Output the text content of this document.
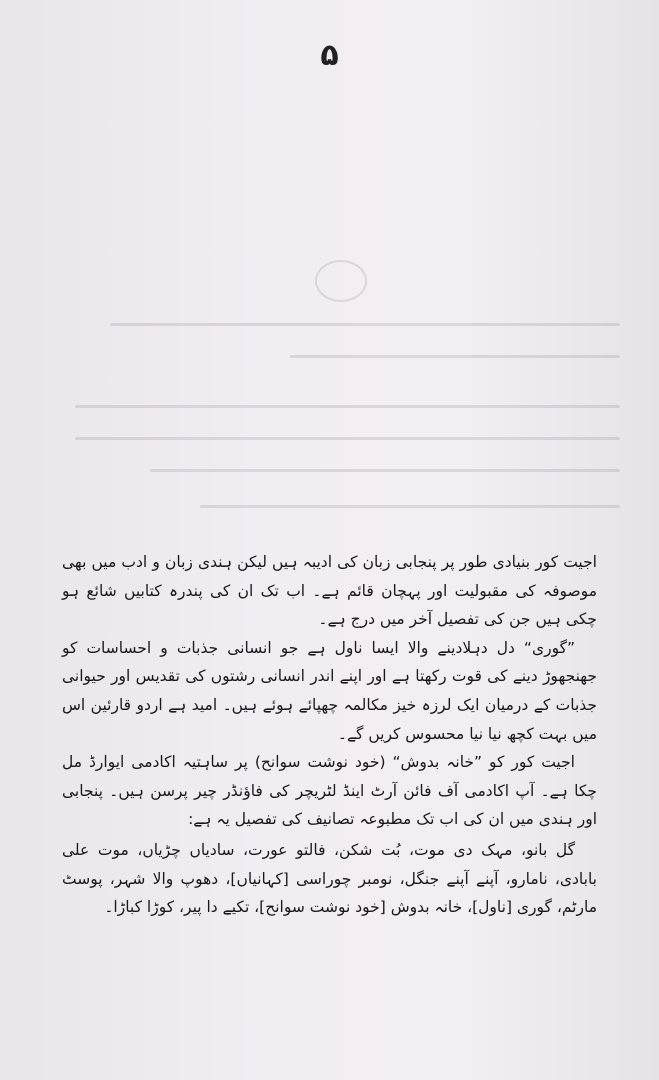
۵

اجیت کور بنیادی طور پر پنجابی زبان کی ادیبہ ہیں لیکن ہندی زبان و ادب میں بھی موصوفہ کی مقبولیت اور پہچان قائم ہے۔ اب تک ان کی پندرہ کتابیں شائع ہو چکی ہیں جن کی تفصیل آخر میں درج ہے۔

”گوری“ دل دہلادینے والا ایسا ناول ہے جو انسانی جذبات و احساسات کو جھنجھوڑ دینے کی قوت رکھتا ہے اور اپنے اندر انسانی رشتوں کی تقدیس اور حیوانی جذبات کے درمیان ایک لرزہ خیز مکالمہ چھپائے ہوئے ہیں۔ امید ہے اردو قارئین اس میں بہت کچھ نیا نیا محسوس کریں گے۔

اجیت کور کو ”خانہ بدوش“ (خود نوشت سوانح) پر ساہتیہ اکادمی ایوارڈ مل چکا ہے۔ آپ اکادمی آف فائن آرٹ اینڈ لٹریچر کی فاؤنڈر چیر پرسن ہیں۔ پنجابی اور ہندی میں ان کی اب تک مطبوعہ تصانیف کی تفصیل یہ ہے:

گل بانو، مہک دی موت، بُت شکن، فالتو عورت، سادیاں چڑیاں، موت علی بابادی، نامارو، آپنے آپنے جنگل، نومبر چوراسی [کہانیاں]، دھوپ والا شہر، پوسٹ مارٹم، گوری [ناول]، خانہ بدوش [خود نوشت سوانح]، تکیے دا پیر، کوڑا کباڑا۔
